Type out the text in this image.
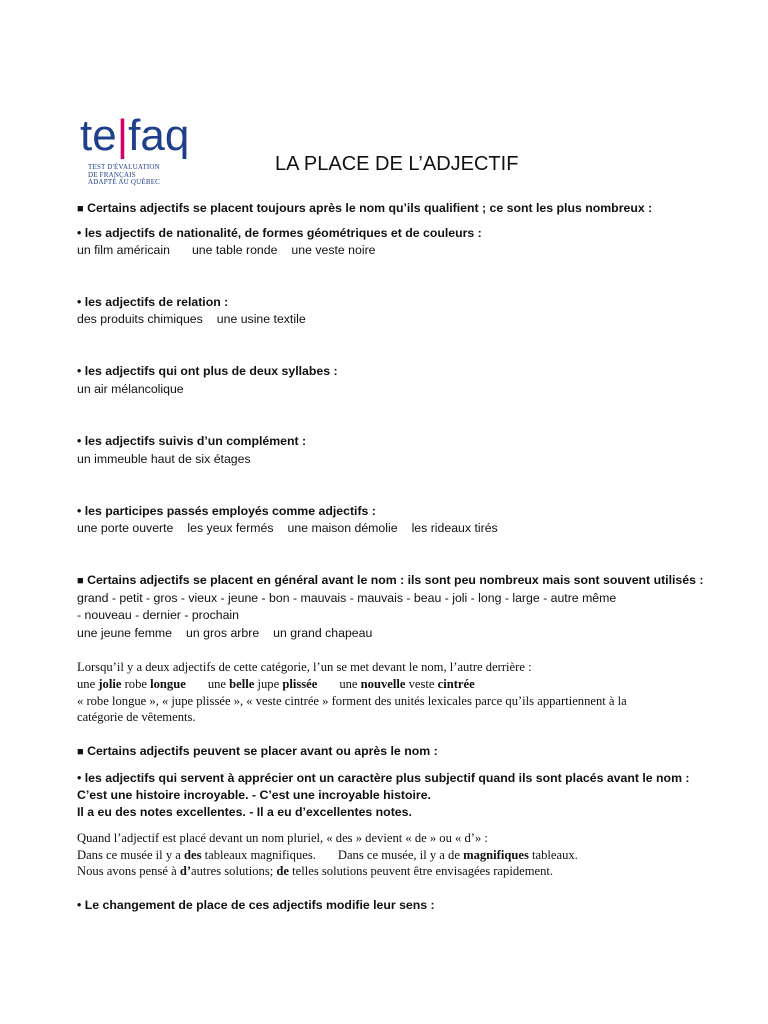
te|faq
TEST D'ÉVALUATION
DE FRANÇAIS
ADAPTÉ AU QUÉBEC
LA PLACE DE L’ADJECTIF
■ Certains adjectifs se placent toujours après le nom qu’ils qualifient ; ce sont les plus nombreux :
• les adjectifs de nationalité, de formes géométriques et de couleurs :
un film américain une table ronde une veste noire
• les adjectifs de relation :
des produits chimiques une usine textile
• les adjectifs qui ont plus de deux syllabes :
un air mélancolique
• les adjectifs suivis d’un complément :
un immeuble haut de six étages
• les participes passés employés comme adjectifs :
une porte ouverte les yeux fermés une maison démolie les rideaux tirés
■ Certains adjectifs se placent en général avant le nom : ils sont peu nombreux mais sont souvent utilisés :
grand - petit - gros - vieux - jeune - bon - mauvais - mauvais - beau - joli - long - large - autre même
- nouveau - dernier - prochain
une jeune femme un gros arbre un grand chapeau
Lorsqu’il y a deux adjectifs de cette catégorie, l’un se met devant le nom, l’autre derrière :
une jolie robe longue une belle jupe plissée une nouvelle veste cintrée
« robe longue », « jupe plissée », « veste cintrée » forment des unités lexicales parce qu’ils appartiennent à la
catégorie de vêtements.
■ Certains adjectifs peuvent se placer avant ou après le nom :
• les adjectifs qui servent à apprécier ont un caractère plus subjectif quand ils sont placés avant le nom :
C’est une histoire incroyable. - C’est une incroyable histoire.
Il a eu des notes excellentes. - Il a eu d’excellentes notes.
Quand l’adjectif est placé devant un nom pluriel, « des » devient « de » ou « d’» :
Dans ce musée il y a des tableaux magnifiques. Dans ce musée, il y a de magnifiques tableaux.
Nous avons pensé à d’autres solutions; de telles solutions peuvent être envisagées rapidement.
• Le changement de place de ces adjectifs modifie leur sens :
